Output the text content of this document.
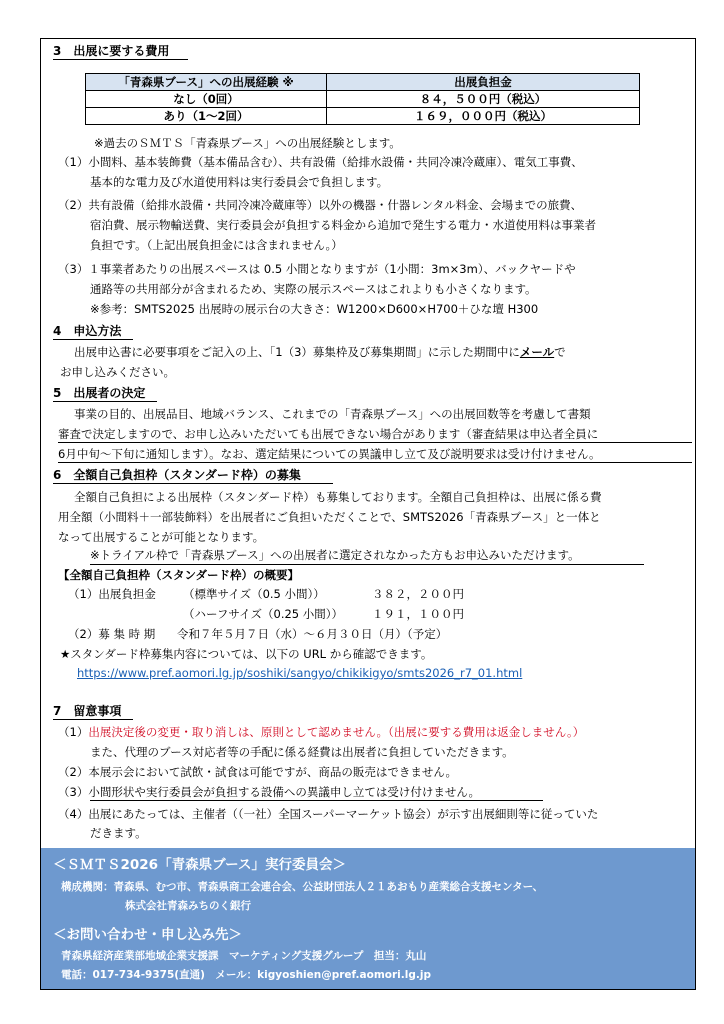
3　出展に要する費用
「青森県ブース」への出展経験 ※	出展負担金
なし（0回）	８４，５００円（税込）
あり（1～2回）	１６９，０００円（税込）
※過去のＳＭＴＳ「青森県ブース」への出展経験とします。
（1）小間料、基本装飾費（基本備品含む）、共有設備（給排水設備・共同冷凍冷蔵庫）、電気工事費、
基本的な電力及び水道使用料は実行委員会で負担します。
（2）共有設備（給排水設備・共同冷凍冷蔵庫等）以外の機器・什器レンタル料金、会場までの旅費、
宿泊費、展示物輸送費、実行委員会が負担する料金から追加で発生する電力・水道使用料は事業者
負担です。（上記出展負担金には含まれません。）
（3）１事業者あたりの出展スペースは 0.5 小間となりますが（1小間：3m×3m）、バックヤードや
通路等の共用部分が含まれるため、実際の展示スペースはこれよりも小さくなります。
※参考：SMTS2025 出展時の展示台の大きさ：W1200×D600×H700＋ひな壇 H300
4　申込方法
出展申込書に必要事項をご記入の上、「1（3）募集枠及び募集期間」に示した期間中にメールで
お申し込みください。
5　出展者の決定
事業の目的、出展品目、地域バランス、これまでの「青森県ブース」への出展回数等を考慮して書類
審査で決定しますので、お申し込みいただいても出展できない場合があります（審査結果は申込者全員に
6月中旬～下旬に通知します）。なお、選定結果についての異議申し立て及び説明要求は受け付けません。
6　全額自己負担枠（スタンダード枠）の募集
全額自己負担による出展枠（スタンダード枠）も募集しております。全額自己負担枠は、出展に係る費
用全額（小間料＋一部装飾料）を出展者にご負担いただくことで、SMTS2026「青森県ブース」と一体と
なって出展することが可能となります。
※トライアル枠で「青森県ブース」への出展者に選定されなかった方もお申込みいただけます。
【全額自己負担枠（スタンダード枠）の概要】
（1）出展負担金 （標準サイズ（0.5 小間））	３８２，２００円
（ハーフサイズ（0.25 小間））	１９１，１００円
（2）募 集 時 期 令和７年５月７日（水）～６月３０日（月）（予定）
★スタンダード枠募集内容については、以下の URL から確認できます。
https://www.pref.aomori.lg.jp/soshiki/sangyo/chikikigyo/smts2026_r7_01.html
7　留意事項
（1）出展決定後の変更・取り消しは、原則として認めません。（出展に要する費用は返金しません。）
また、代理のブース対応者等の手配に係る経費は出展者に負担していただきます。
（2）本展示会において試飲・試食は可能ですが、商品の販売はできません。
（3）小間形状や実行委員会が負担する設備への異議申し立ては受け付けません。
（4）出展にあたっては、主催者（（一社）全国スーパーマーケット協会）が示す出展細則等に従っていた
だきます。
＜ＳＭＴＳ2026「青森県ブース」実行委員会＞
構成機関：青森県、むつ市、青森県商工会連合会、公益財団法人２１あおもり産業総合支援センター、
株式会社青森みちのく銀行
＜お問い合わせ・申し込み先＞
青森県経済産業部地域企業支援課　マーケティング支援グループ　担当：丸山
電話：017-734-9375(直通)　メール：kigyoshien@pref.aomori.lg.jp
